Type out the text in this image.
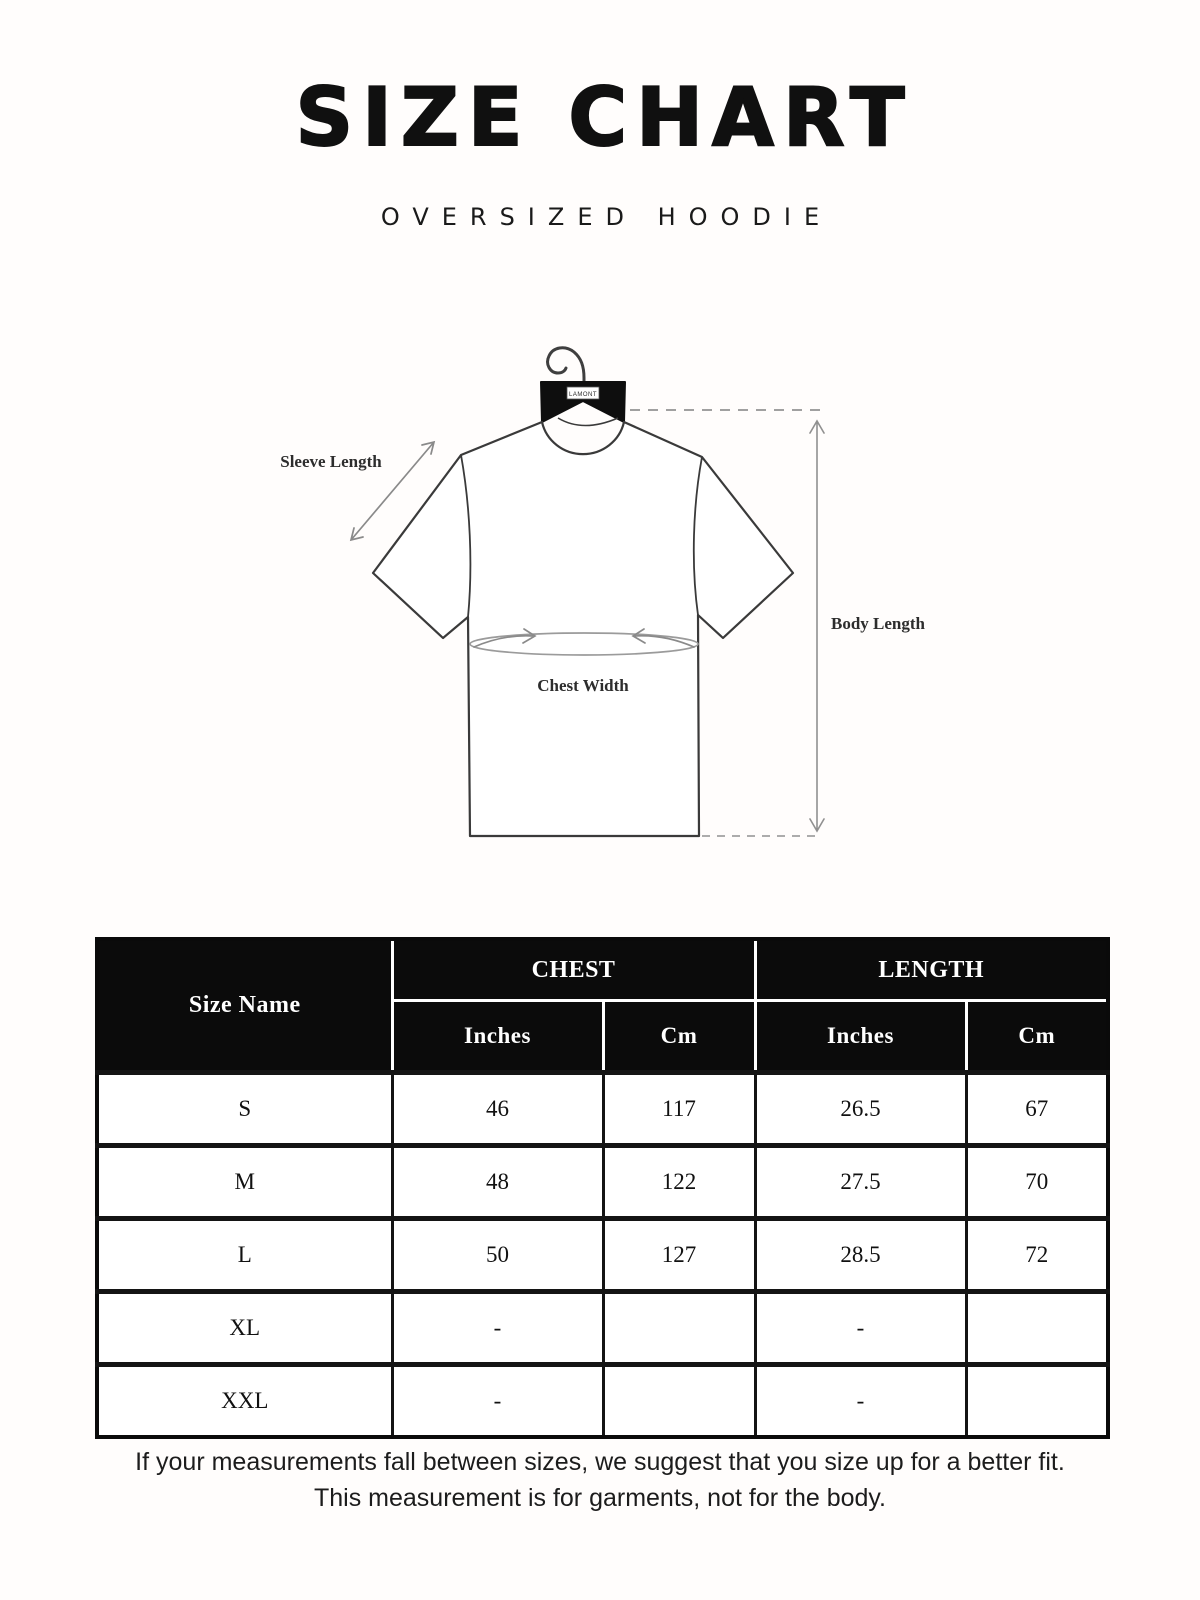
SIZE CHART
OVERSIZED HOODIE
LAMONT
Sleeve Length
Body Length
Chest Width
Size Name	CHEST		LENGTH	
	Inches	Cm	Inches	Cm
S	46	117	26.5	67
M	48	122	27.5	70
L	50	127	28.5	72
XL	-		-	
XXL	-		-	
If your measurements fall between sizes, we suggest that you size up for a better fit.
This measurement is for garments, not for the body.
